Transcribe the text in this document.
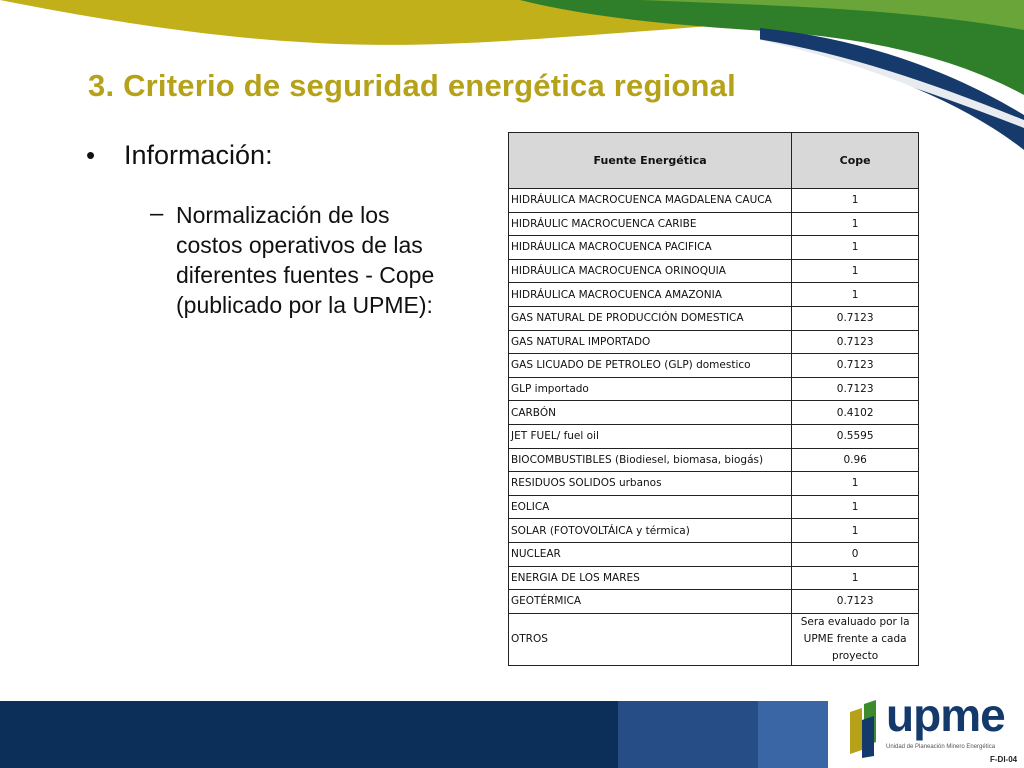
3. Criterio de seguridad energética regional
•	Información:
– Normalización de los costos operativos de las diferentes fuentes - Cope (publicado por la UPME):
Fuente Energética	Cope
HIDRÁULICA MACROCUENCA MAGDALENA CAUCA	1
HIDRÁULIC MACROCUENCA CARIBE	1
HIDRÁULICA MACROCUENCA PACIFICA	1
HIDRÁULICA MACROCUENCA ORINOQUIA	1
HIDRÁULICA MACROCUENCA AMAZONIA	1
GAS NATURAL DE PRODUCCIÓN DOMESTICA	0.7123
GAS NATURAL IMPORTADO	0.7123
GAS LICUADO DE PETROLEO (GLP) domestico	0.7123
GLP importado	0.7123
CARBÓN	0.4102
JET FUEL/ fuel oil	0.5595
BIOCOMBUSTIBLES (Biodiesel, biomasa, biogás)	0.96
RESIDUOS SOLIDOS urbanos	1
EOLICA	1
SOLAR (FOTOVOLTÁICA y térmica)	1
NUCLEAR	0
ENERGIA DE LOS MARES	1
GEOTÉRMICA	0.7123
OTROS	Sera evaluado por la UPME frente a cada proyecto
upme
Unidad de Planeación Minero Energética
F-DI-04
